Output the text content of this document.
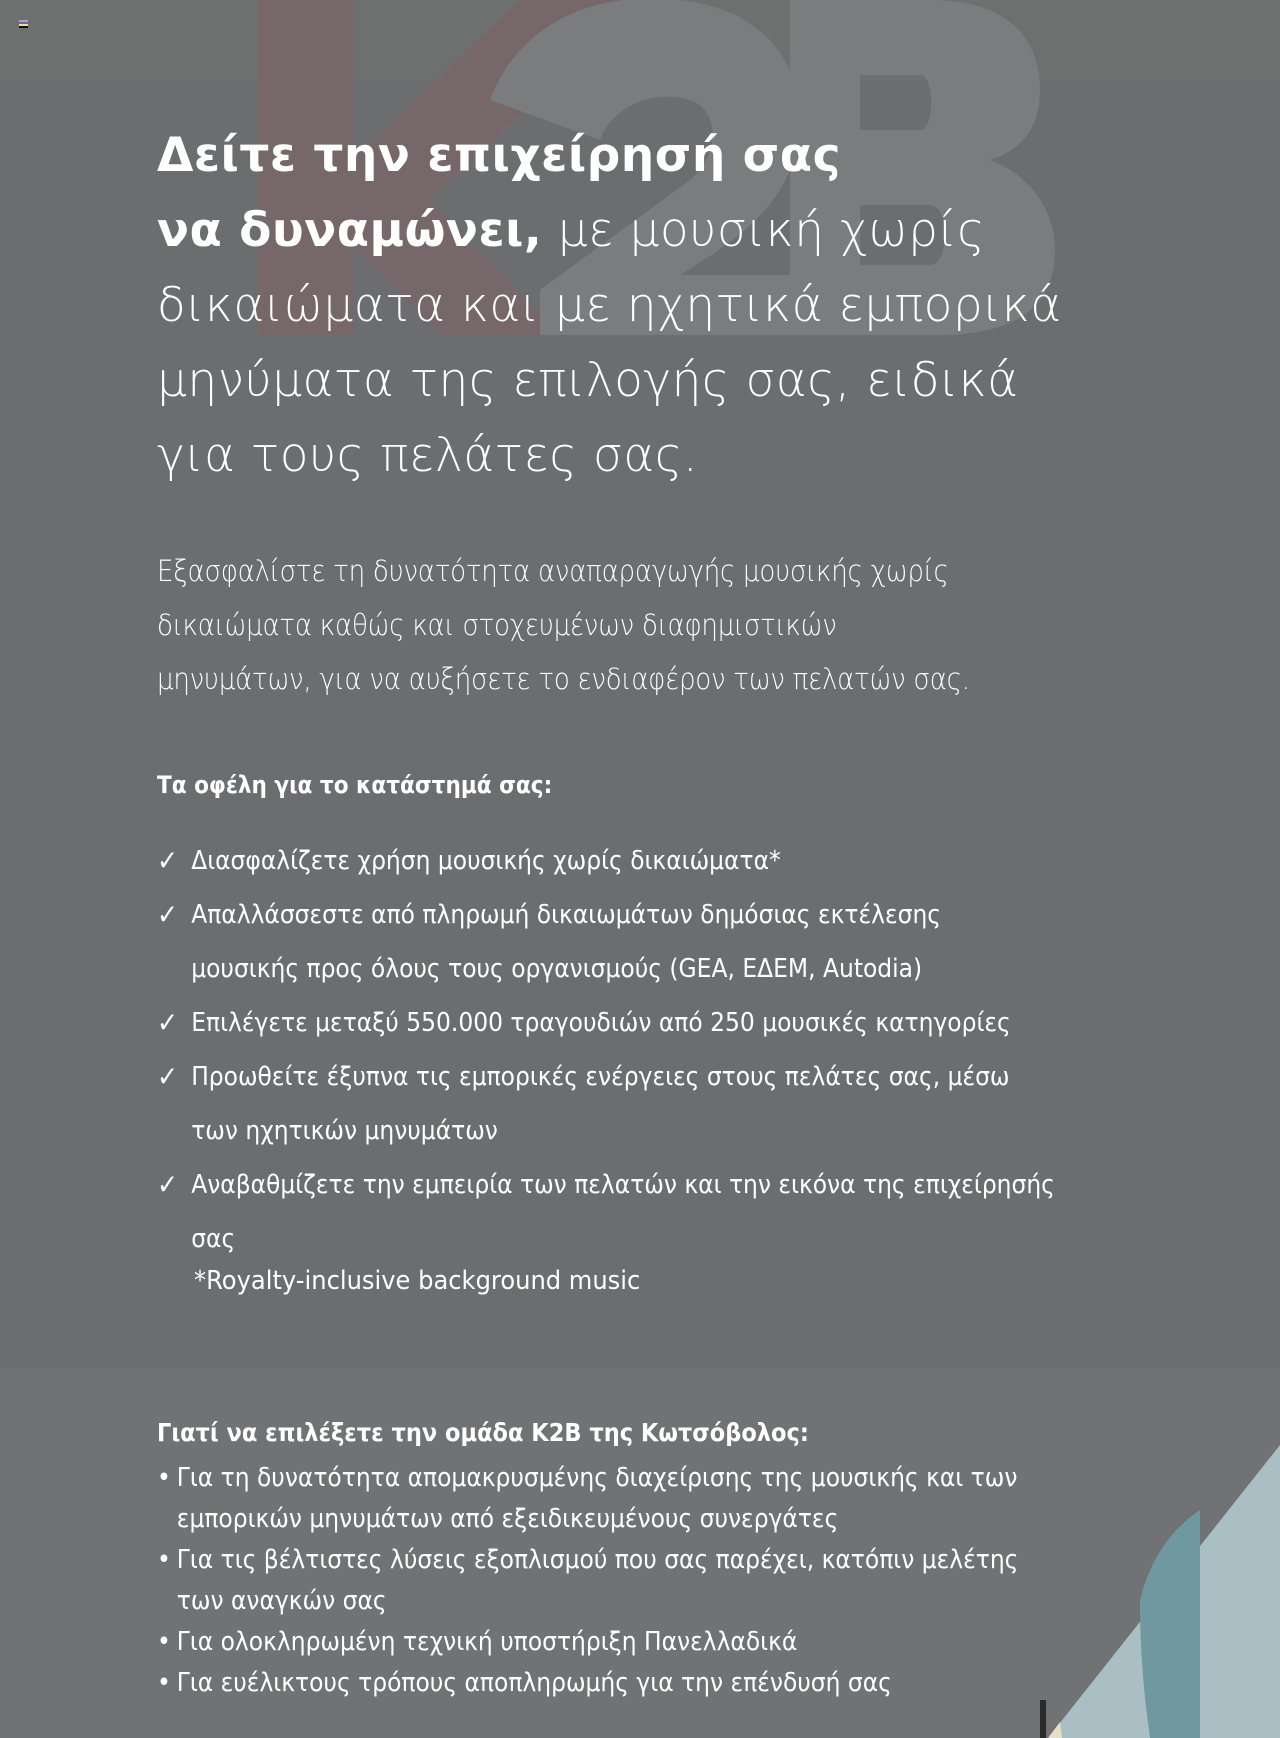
Δείτε την επιχείρησή σας
να δυναμώνει, με μουσική χωρίς
δικαιώματα και με ηχητικά εμπορικά
μηνύματα της επιλογής σας, ειδικά
για τους πελάτες σας.
Εξασφαλίστε τη δυνατότητα αναπαραγωγής μουσικής χωρίς
δικαιώματα καθώς και στοχευμένων διαφημιστικών
μηνυμάτων, για να αυξήσετε το ενδιαφέρον των πελατών σας.
Τα οφέλη για το κατάστημά σας:
✓ Διασφαλίζετε χρήση μουσικής χωρίς δικαιώματα*
✓ Απαλλάσσεστε από πληρωμή δικαιωμάτων δημόσιας εκτέλεσης
μουσικής προς όλους τους οργανισμούς (GEA, ΕΔΕΜ, Autodia)
✓ Επιλέγετε μεταξύ 550.000 τραγουδιών από 250 μουσικές κατηγορίες
✓ Προωθείτε έξυπνα τις εμπορικές ενέργειες στους πελάτες σας, μέσω
των ηχητικών μηνυμάτων
✓ Αναβαθμίζετε την εμπειρία των πελατών και την εικόνα της επιχείρησής σας
*Royalty-inclusive background music
Γιατί να επιλέξετε την ομάδα K2B της Κωτσόβολος:
• Για τη δυνατότητα απομακρυσμένης διαχείρισης της μουσικής και των
εμπορικών μηνυμάτων από εξειδικευμένους συνεργάτες
• Για τις βέλτιστες λύσεις εξοπλισμού που σας παρέχει, κατόπιν μελέτης
των αναγκών σας
• Για ολοκληρωμένη τεχνική υποστήριξη Πανελλαδικά
• Για ευέλικτους τρόπους αποπληρωμής για την επένδυσή σας
